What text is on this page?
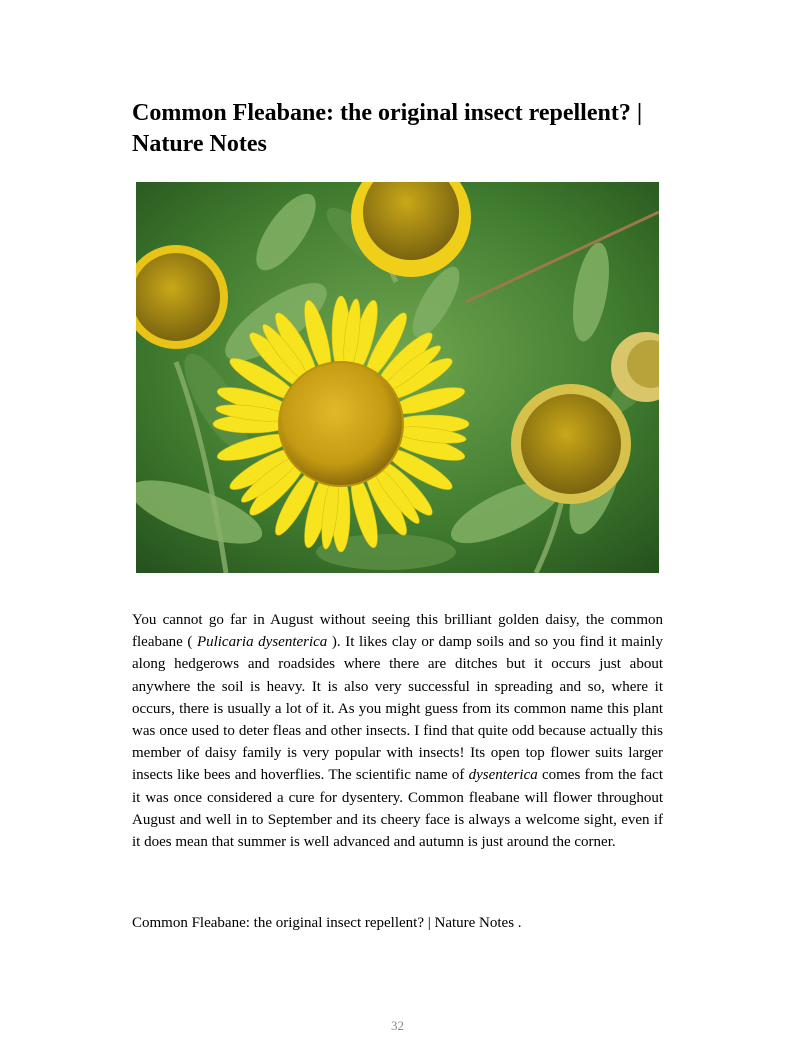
Common Fleabane: the original insect repellent? | Nature Notes

You cannot go far in August without seeing this brilliant golden daisy, the common fleabane ( Pulicaria dysenterica ). It likes clay or damp soils and so you find it mainly along hedgerows and roadsides where there are ditches but it occurs just about anywhere the soil is heavy. It is also very successful in spreading and so, where it occurs, there is usually a lot of it. As you might guess from its common name this plant was once used to deter fleas and other insects. I find that quite odd because actually this member of daisy family is very popular with insects! Its open top flower suits larger insects like bees and hoverflies. The scientific name of dysenterica comes from the fact it was once considered a cure for dysentery. Common fleabane will flower throughout August and well in to September and its cheery face is always a welcome sight, even if it does mean that summer is well advanced and autumn is just around the corner.

Common Fleabane: the original insect repellent? | Nature Notes .

32
